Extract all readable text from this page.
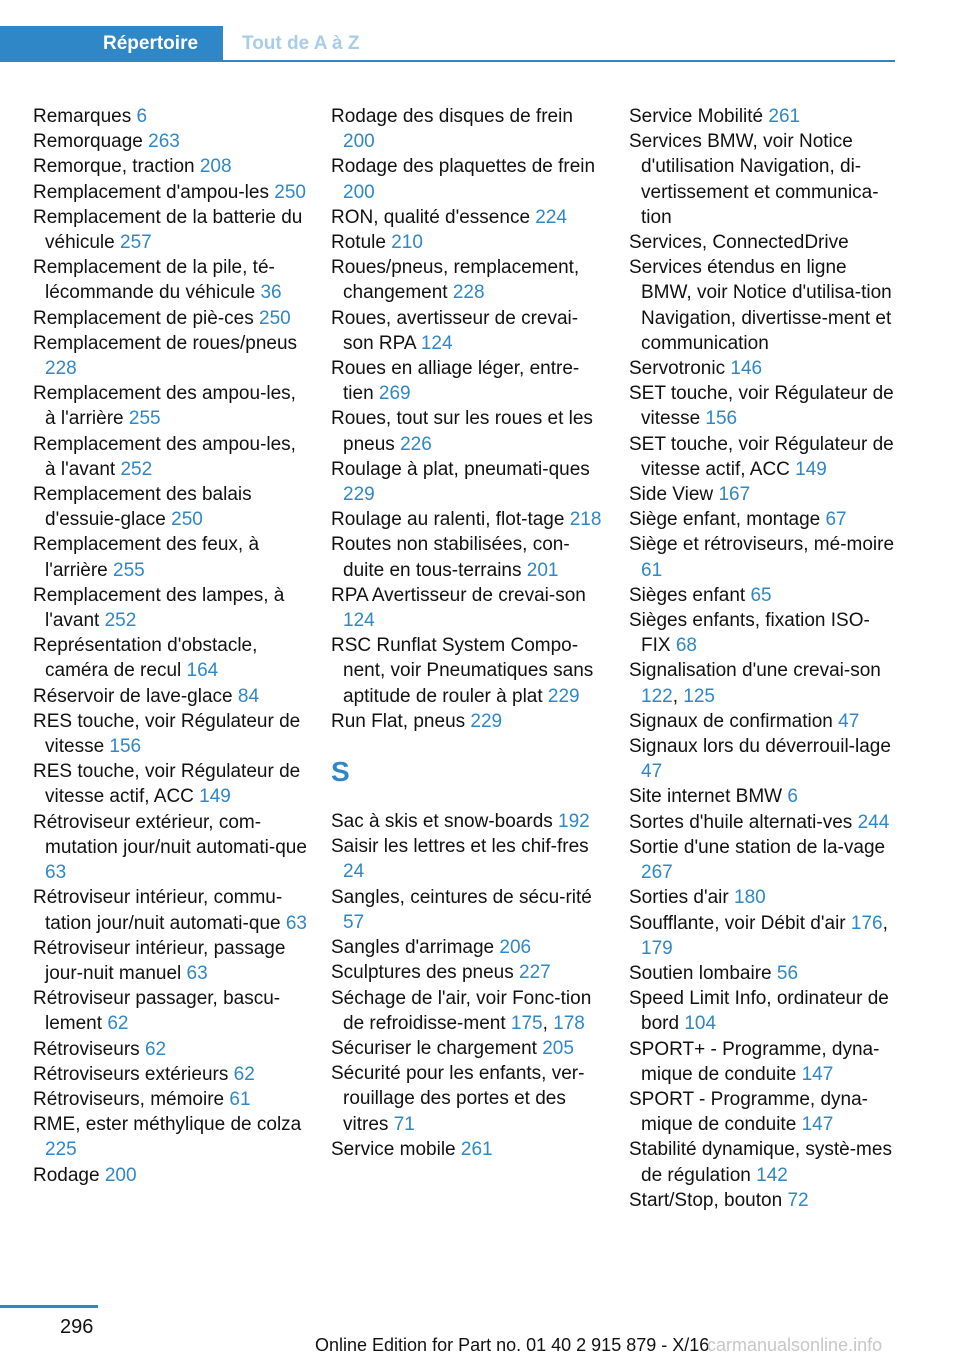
Répertoire	Tout de A à Z
Remarques 6
Remorquage 263
Remorque, traction 208
Remplacement d'ampou-les 250
Remplacement de la batterie du véhicule 257
Remplacement de la pile, té-lécommande du véhicule 36
Remplacement de piè-ces 250
Remplacement de roues/pneus 228
Remplacement des ampou-les, à l'arrière 255
Remplacement des ampou-les, à l'avant 252
Remplacement des balais d'essuie-glace 250
Remplacement des feux, à l'arrière 255
Remplacement des lampes, à l'avant 252
Représentation d'obstacle, caméra de recul 164
Réservoir de lave-glace 84
RES touche, voir Régulateur de vitesse 156
RES touche, voir Régulateur de vitesse actif, ACC 149
Rétroviseur extérieur, com-mutation jour/nuit automati-que 63
Rétroviseur intérieur, commu-tation jour/nuit automati-que 63
Rétroviseur intérieur, passage jour-nuit manuel 63
Rétroviseur passager, bascu-lement 62
Rétroviseurs 62
Rétroviseurs extérieurs 62
Rétroviseurs, mémoire 61
RME, ester méthylique de colza 225
Rodage 200
Rodage des disques de frein 200
Rodage des plaquettes de frein 200
RON, qualité d'essence 224
Rotule 210
Roues/pneus, remplacement, changement 228
Roues, avertisseur de crevai-son RPA 124
Roues en alliage léger, entre-tien 269
Roues, tout sur les roues et les pneus 226
Roulage à plat, pneumati-ques 229
Roulage au ralenti, flot-tage 218
Routes non stabilisées, con-duite en tous-terrains 201
RPA Avertisseur de crevai-son 124
RSC Runflat System Compo-nent, voir Pneumatiques sans aptitude de rouler à plat 229
Run Flat, pneus 229
S
Sac à skis et snow-boards 192
Saisir les lettres et les chif-fres 24
Sangles, ceintures de sécu-rité 57
Sangles d'arrimage 206
Sculptures des pneus 227
Séchage de l'air, voir Fonc-tion de refroidisse-ment 175, 178
Sécuriser le chargement 205
Sécurité pour les enfants, ver-rouillage des portes et des vitres 71
Service mobile 261
Service Mobilité 261
Services BMW, voir Notice d'utilisation Navigation, di-vertissement et communica-tion
Services, ConnectedDrive
Services étendus en ligne BMW, voir Notice d'utilisa-tion Navigation, divertisse-ment et communication
Servotronic 146
SET touche, voir Régulateur de vitesse 156
SET touche, voir Régulateur de vitesse actif, ACC 149
Side View 167
Siège enfant, montage 67
Siège et rétroviseurs, mé-moire 61
Sièges enfant 65
Sièges enfants, fixation ISO-FIX 68
Signalisation d'une crevai-son 122, 125
Signaux de confirmation 47
Signaux lors du déverrouil-lage 47
Site internet BMW 6
Sortes d'huile alternati-ves 244
Sortie d'une station de la-vage 267
Sorties d'air 180
Soufflante, voir Débit d'air 176, 179
Soutien lombaire 56
Speed Limit Info, ordinateur de bord 104
SPORT+ - Programme, dyna-mique de conduite 147
SPORT - Programme, dyna-mique de conduite 147
Stabilité dynamique, systè-mes de régulation 142
Start/Stop, bouton 72
296
Online Edition for Part no. 01 40 2 915 879 - X/16
carmanualsonline.info
